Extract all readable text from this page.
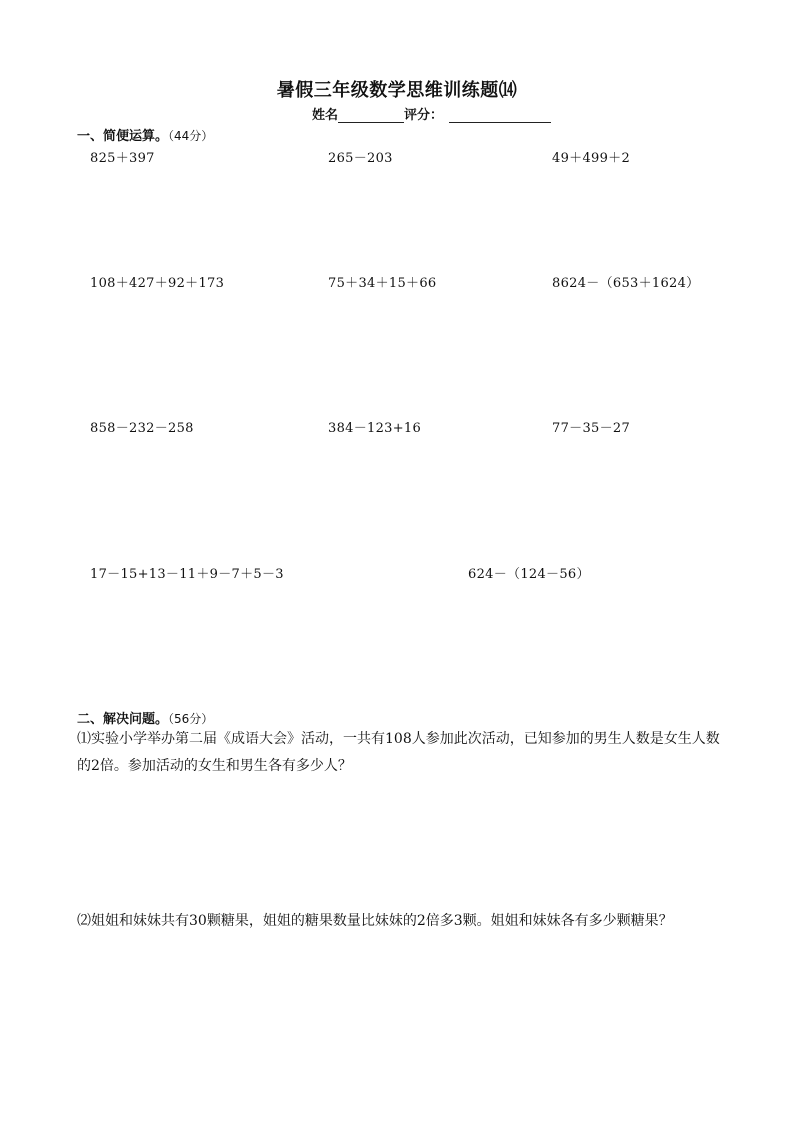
暑假三年级数学思维训练题⒁
姓名	评分：
一、简便运算。（44分）
825＋397	265－203	49＋499＋2
108＋427＋92＋173	75＋34＋15＋66	8624－（653＋1624）
858－232－258	384－123+16	77－35－27
17－15+13－11＋9－7＋5－3	624－（124－56）
二、解决问题。（56分）
⑴实验小学举办第二届《成语大会》活动，一共有108人参加此次活动，已知参加的男生人数是女生人数的2倍。参加活动的女生和男生各有多少人？
⑵姐姐和妹妹共有30颗糖果，姐姐的糖果数量比妹妹的2倍多3颗。姐姐和妹妹各有多少颗糖果？
